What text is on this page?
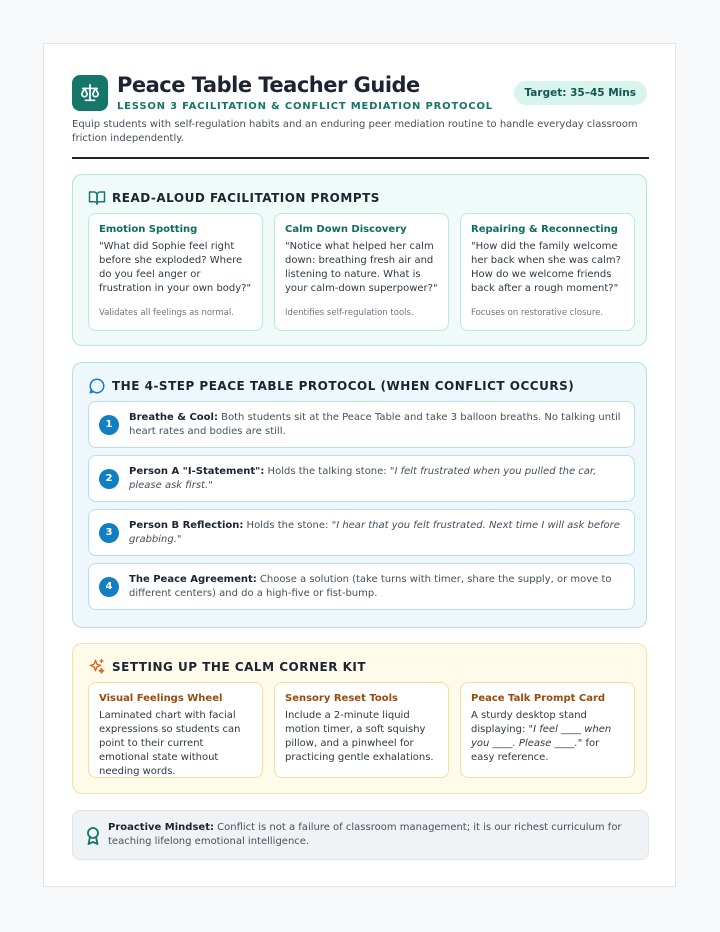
Peace Table Teacher Guide
LESSON 3 FACILITATION & CONFLICT MEDIATION PROTOCOL
Target: 35–45 Mins
Equip students with self-regulation habits and an enduring peer mediation routine to handle everyday classroom friction independently.
READ-ALOUD FACILITATION PROMPTS
Emotion Spotting
"What did Sophie feel right before she exploded? Where do you feel anger or frustration in your own body?"
Validates all feelings as normal.
Calm Down Discovery
"Notice what helped her calm down: breathing fresh air and listening to nature. What is your calm-down superpower?"
Identifies self-regulation tools.
Repairing & Reconnecting
"How did the family welcome her back when she was calm? How do we welcome friends back after a rough moment?"
Focuses on restorative closure.
THE 4-STEP PEACE TABLE PROTOCOL (WHEN CONFLICT OCCURS)
1
Breathe & Cool: Both students sit at the Peace Table and take 3 balloon breaths. No talking until heart rates and bodies are still.
2
Person A "I-Statement": Holds the talking stone: "I felt frustrated when you pulled the car, please ask first."
3
Person B Reflection: Holds the stone: "I hear that you felt frustrated. Next time I will ask before grabbing."
4
The Peace Agreement: Choose a solution (take turns with timer, share the supply, or move to different centers) and do a high-five or fist-bump.
SETTING UP THE CALM CORNER KIT
Visual Feelings Wheel
Laminated chart with facial expressions so students can point to their current emotional state without needing words.
Sensory Reset Tools
Include a 2-minute liquid motion timer, a soft squishy pillow, and a pinwheel for practicing gentle exhalations.
Peace Talk Prompt Card
A sturdy desktop stand displaying: "I feel ____ when you ____. Please ____." for easy reference.
Proactive Mindset: Conflict is not a failure of classroom management; it is our richest curriculum for teaching lifelong emotional intelligence.
